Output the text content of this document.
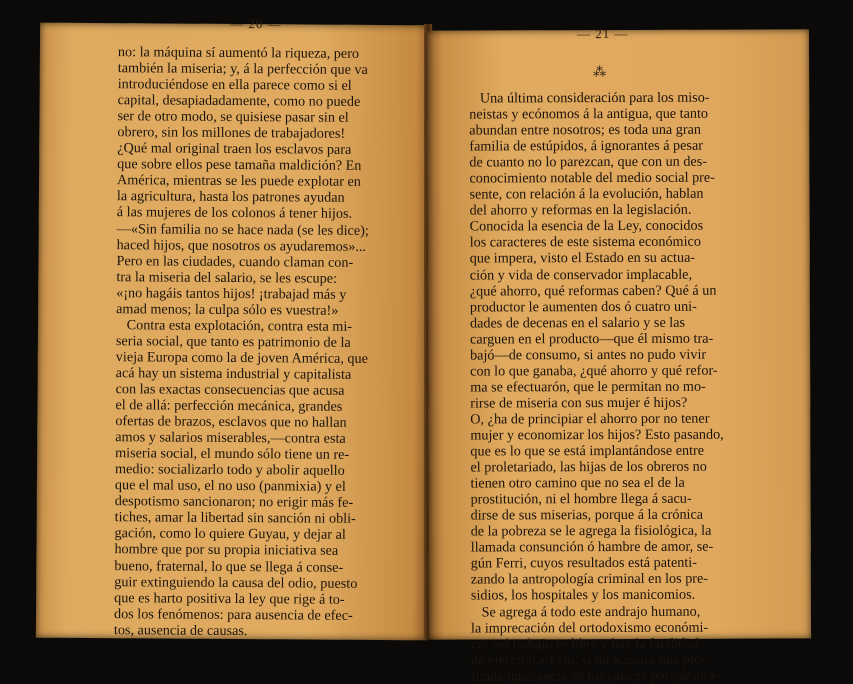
— 20 —
no: la máquina sí aumentó la riqueza, pero
también la miseria; y, á la perfección que va
introduciéndose en ella parece como si el
capital, desapiadadamente, como no puede
ser de otro modo, se quisiese pasar sin el
obrero, sin los millones de trabajadores!
¿Qué mal original traen los esclavos para
que sobre ellos pese tamaña maldición? En
América, mientras se les puede explotar en
la agricultura, hasta los patrones ayudan
á las mujeres de los colonos á tener hijos.
—«Sin familia no se hace nada (se les dice);
haced hijos, que nosotros os ayudaremos»...
Pero en las ciudades, cuando claman con-
tra la miseria del salario, se les escupe:
«¡no hagáis tantos hijos! ¡trabajad más y
amad menos; la culpa sólo es vuestra!»
Contra esta explotación, contra esta mi-
seria social, que tanto es patrimonio de la
vieja Europa como la de joven América, que
acá hay un sistema industrial y capitalista
con las exactas consecuencias que acusa
el de allá: perfección mecánica, grandes
ofertas de brazos, esclavos que no hallan
amos y salarios miserables,—contra esta
miseria social, el mundo sólo tiene un re-
medio: socializarlo todo y abolir aquello
que el mal uso, el no uso (panmixia) y el
despotismo sancionaron; no erigir más fe-
tiches, amar la libertad sin sanción ni obli-
gación, como lo quiere Guyau, y dejar al
hombre que por su propia iniciativa sea
bueno, fraternal, lo que se llega á conse-
guir extinguiendo la causa del odio, puesto
que es harto positiva la ley que rige á to-
dos los fenómenos: para ausencia de efec-
tos, ausencia de causas.
— 21 —
⁂
Una última consideración para los miso-
neistas y ecónomos á la antigua, que tanto
abundan entre nosotros; es toda una gran
familia de estúpidos, á ignorantes á pesar
de cuanto no lo parezcan, que con un des-
conocimiento notable del medio social pre-
sente, con relación á la evolución, hablan
del ahorro y reformas en la legislación.
Conocida la esencia de la Ley, conocidos
los caracteres de este sistema económico
que impera, visto el Estado en su actua-
ción y vida de conservador implacable,
¿qué ahorro, qué reformas caben? Qué á un
productor le aumenten dos ó cuatro uni-
dades de decenas en el salario y se las
carguen en el producto—que él mismo tra-
bajó—de consumo, si antes no pudo vivir
con lo que ganaba, ¿qué ahorro y qué refor-
ma se efectuarón, que le permitan no mo-
rirse de miseria con sus mujer é hijos?
O, ¿ha de principiar el ahorro por no tener
mujer y economizar los hijos? Esto pasando,
que es lo que se está implantándose entre
el proletariado, las hijas de los obreros no
tienen otro camino que no sea el de la
prostitución, ni el hombre llega á sacu-
dirse de sus miserias, porque á la crónica
de la pobreza se le agrega la fisiológica, la
llamada consunción ó hambre de amor, se-
gún Ferri, cuyos resultados está patenti-
zando la antropología criminal en los pre-
sidios, los hospitales y los manicomios.
Se agrega á todo este andrajo humano,
la imprecación del ortodoxismo económi-
co: «el trabajo es libre y hay la facilidad
de elección.» Esto, si no acusara una pro-
funda ignorancia de los carices porque atra-
